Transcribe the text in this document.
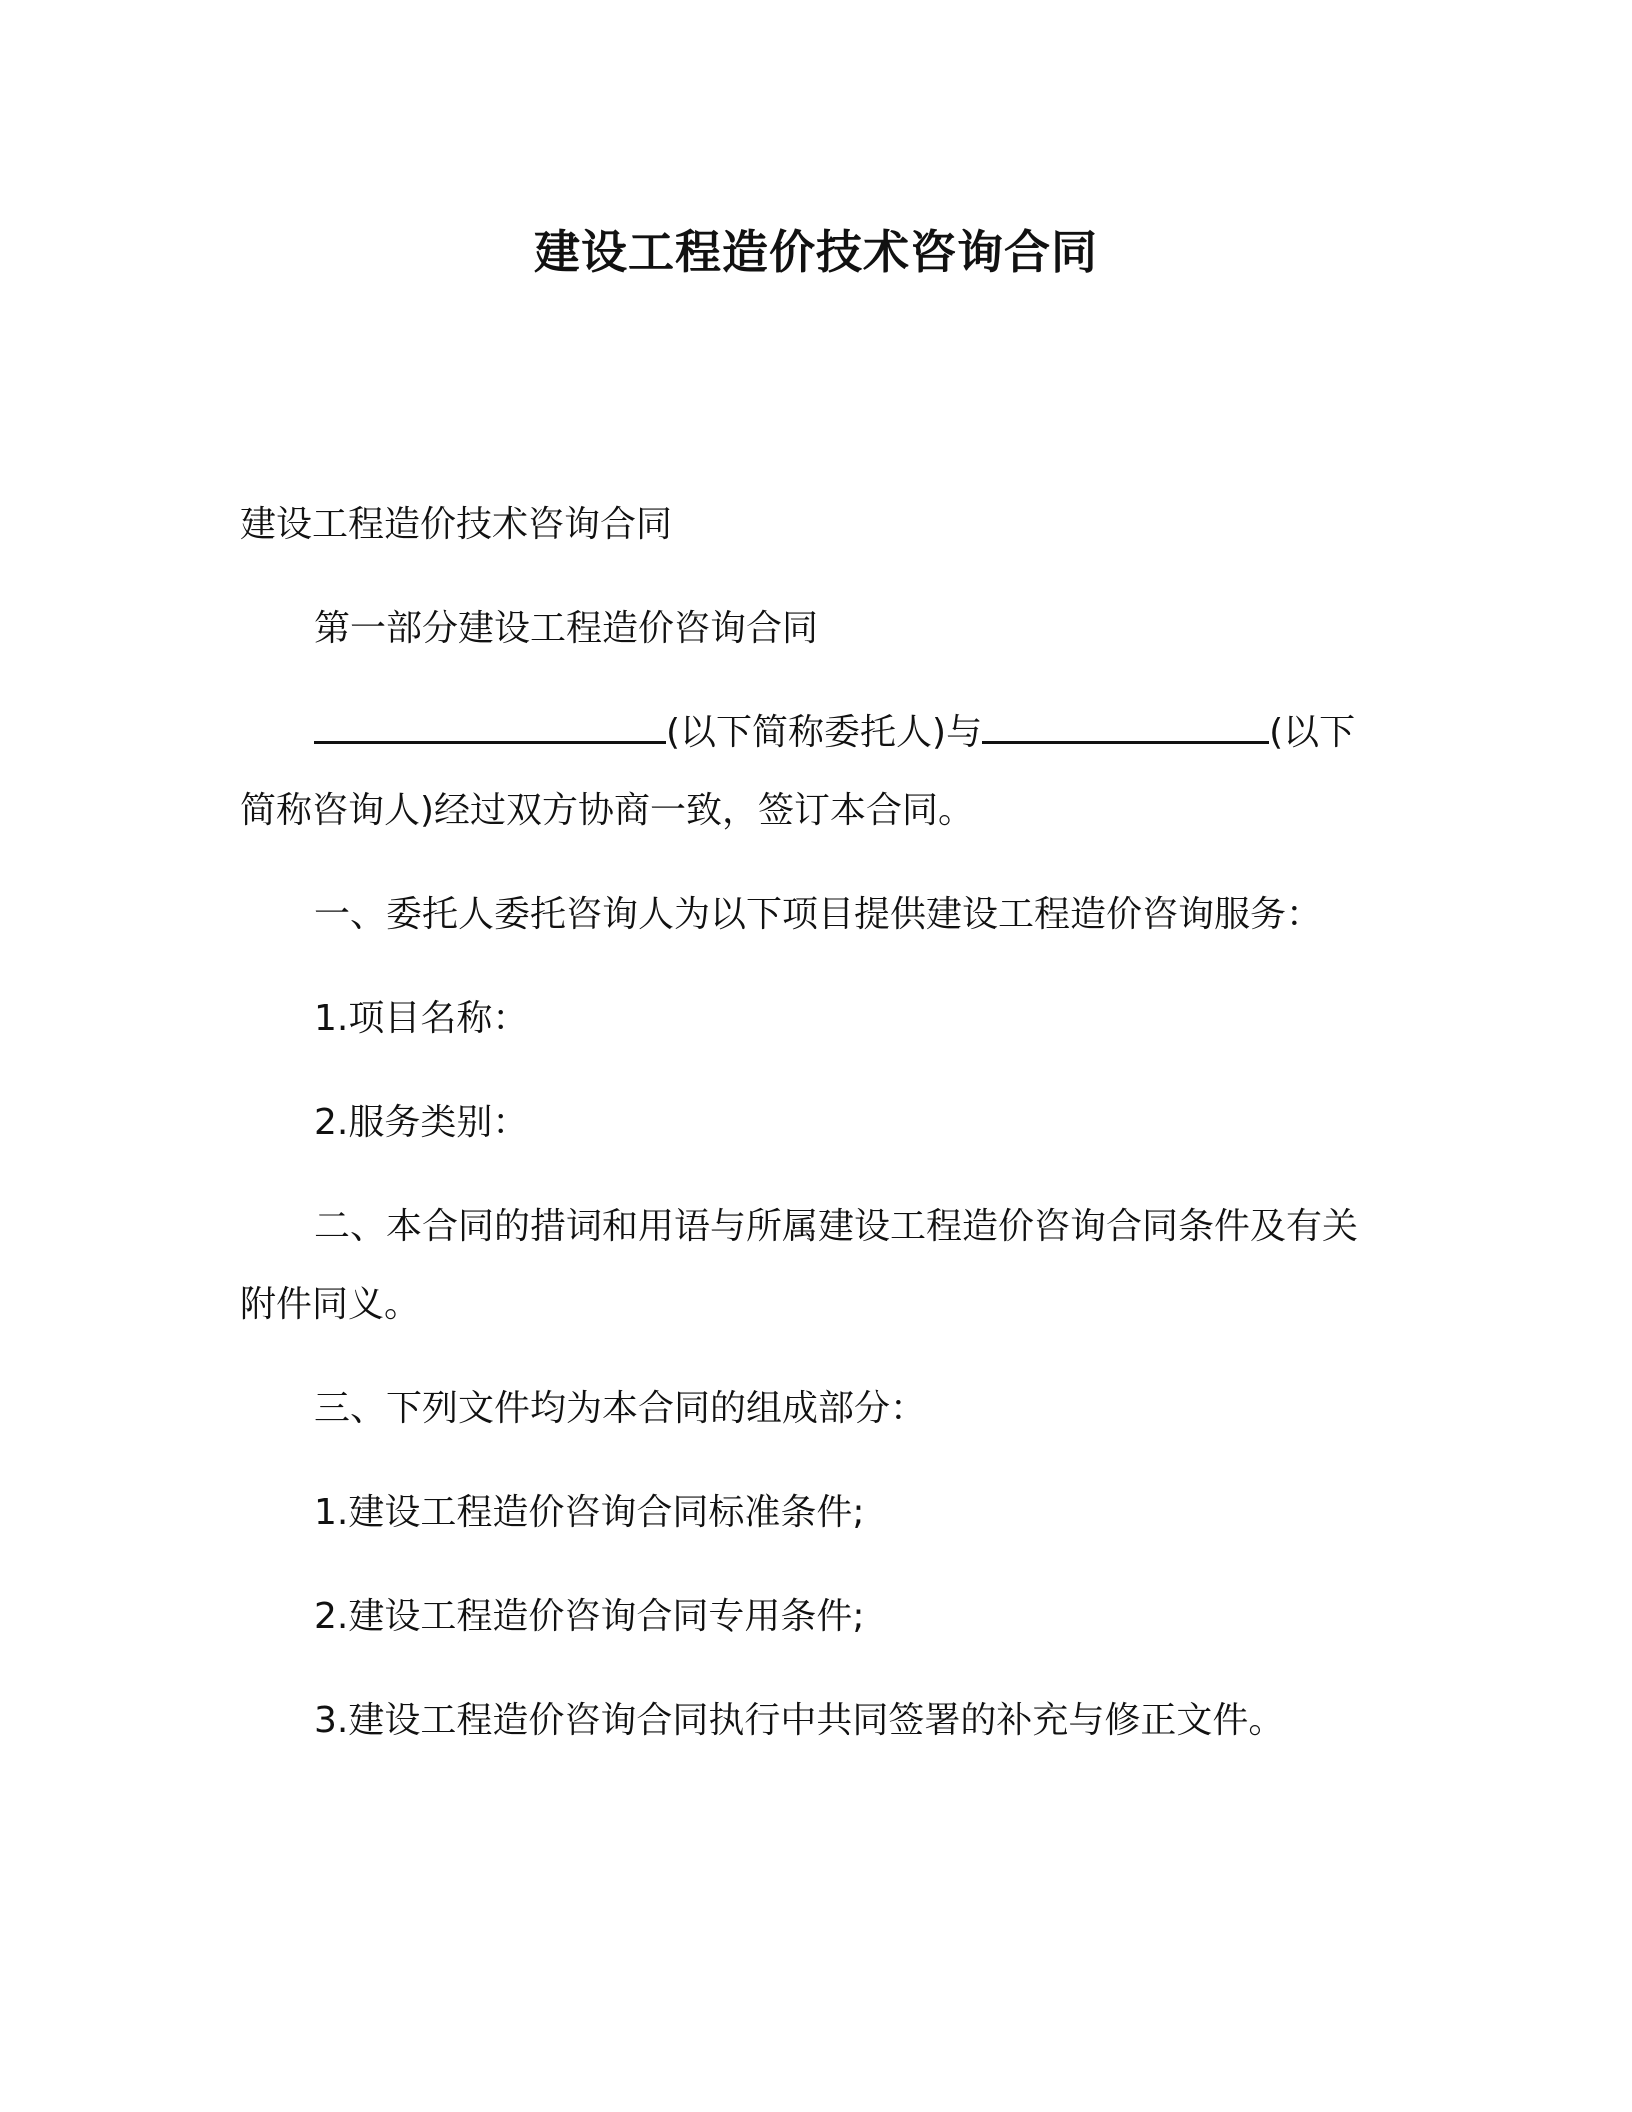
建设工程造价技术咨询合同

建设工程造价技术咨询合同

第一部分建设工程造价咨询合同

(以下简称委托人)与	(以下简称咨询人)经过双方协商一致，签订本合同。

一、委托人委托咨询人为以下项目提供建设工程造价咨询服务：

1.项目名称：

2.服务类别：

二、本合同的措词和用语与所属建设工程造价咨询合同条件及有关附件同义。

三、下列文件均为本合同的组成部分：

1.建设工程造价咨询合同标准条件;

2.建设工程造价咨询合同专用条件;

3.建设工程造价咨询合同执行中共同签署的补充与修正文件。
